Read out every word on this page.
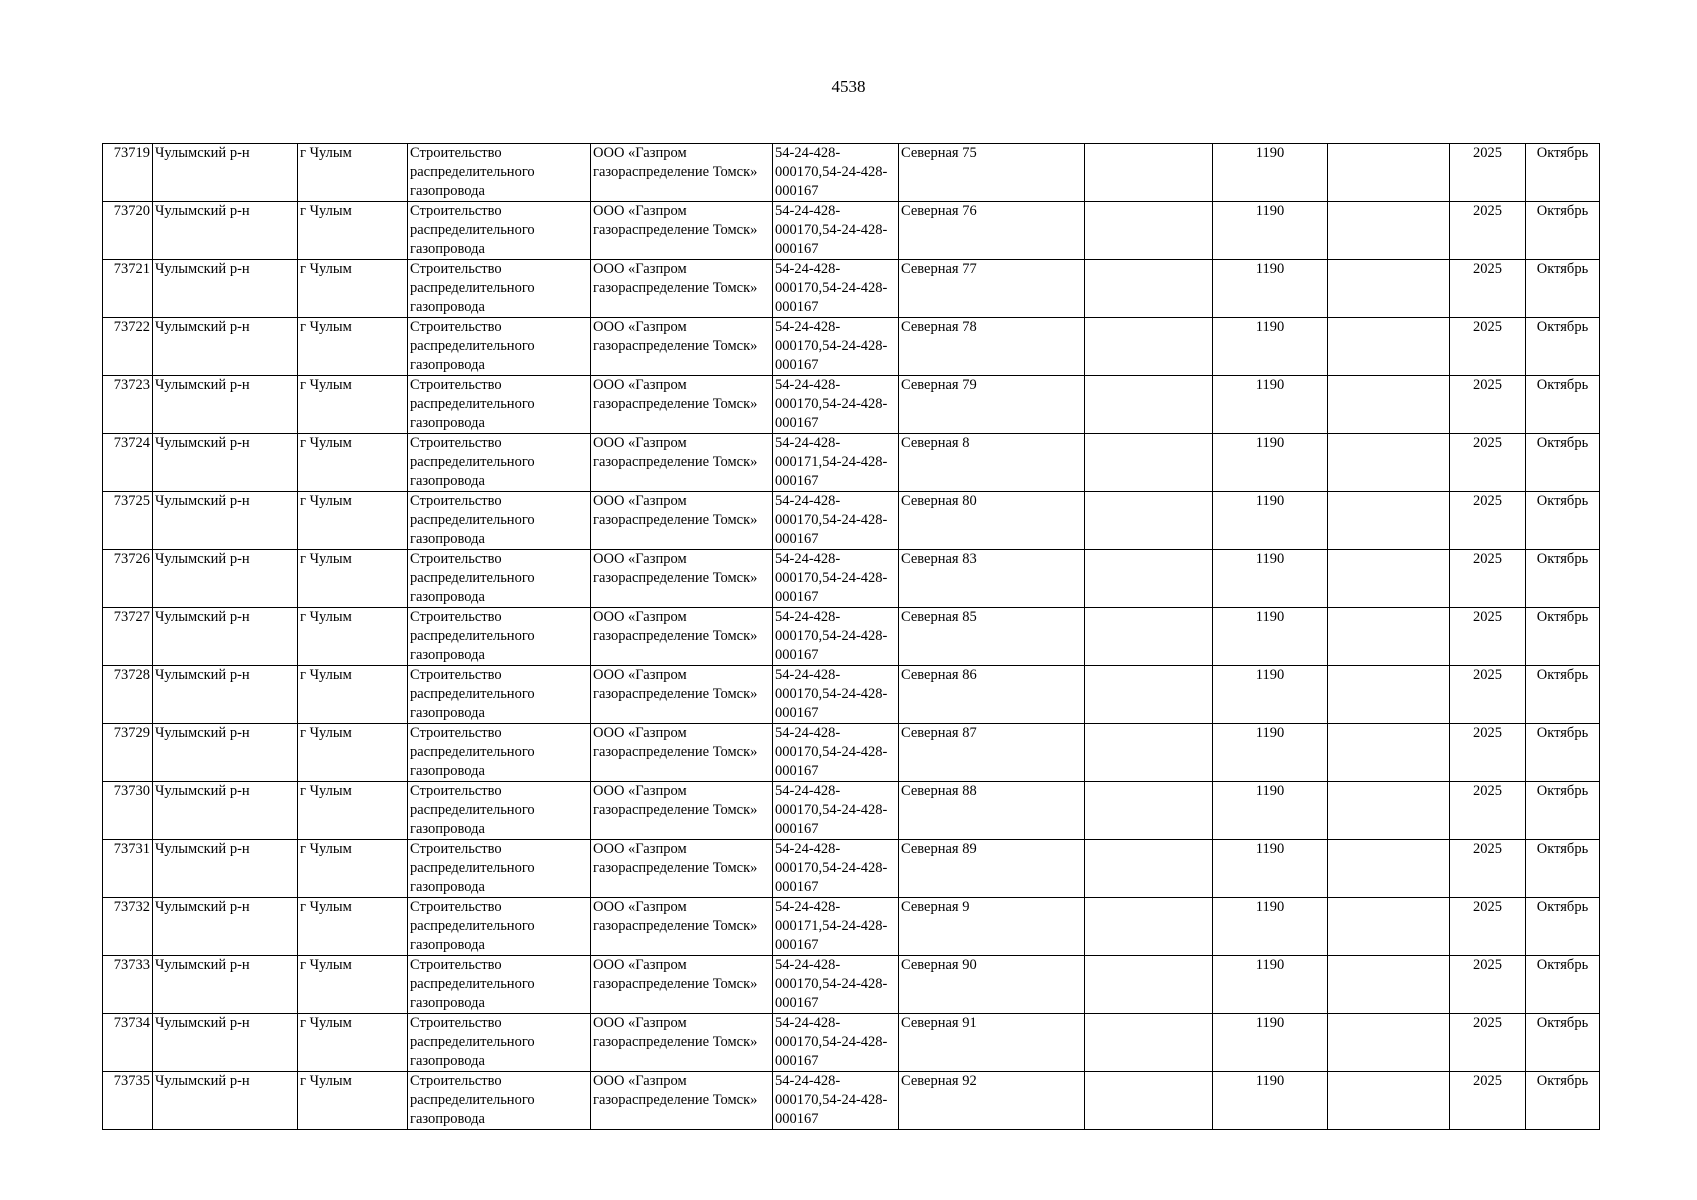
4538
73719	Чулымский р-н	г Чулым	Строительство
распределительного
газопровода	ООО «Газпром
газораспределение Томск»	54-24-428-
000170,54-24-428-
000167	Северная 75		1190		2025	Октябрь
73720	Чулымский р-н	г Чулым	Строительство
распределительного
газопровода	ООО «Газпром
газораспределение Томск»	54-24-428-
000170,54-24-428-
000167	Северная 76		1190		2025	Октябрь
73721	Чулымский р-н	г Чулым	Строительство
распределительного
газопровода	ООО «Газпром
газораспределение Томск»	54-24-428-
000170,54-24-428-
000167	Северная 77		1190		2025	Октябрь
73722	Чулымский р-н	г Чулым	Строительство
распределительного
газопровода	ООО «Газпром
газораспределение Томск»	54-24-428-
000170,54-24-428-
000167	Северная 78		1190		2025	Октябрь
73723	Чулымский р-н	г Чулым	Строительство
распределительного
газопровода	ООО «Газпром
газораспределение Томск»	54-24-428-
000170,54-24-428-
000167	Северная 79		1190		2025	Октябрь
73724	Чулымский р-н	г Чулым	Строительство
распределительного
газопровода	ООО «Газпром
газораспределение Томск»	54-24-428-
000171,54-24-428-
000167	Северная 8		1190		2025	Октябрь
73725	Чулымский р-н	г Чулым	Строительство
распределительного
газопровода	ООО «Газпром
газораспределение Томск»	54-24-428-
000170,54-24-428-
000167	Северная 80		1190		2025	Октябрь
73726	Чулымский р-н	г Чулым	Строительство
распределительного
газопровода	ООО «Газпром
газораспределение Томск»	54-24-428-
000170,54-24-428-
000167	Северная 83		1190		2025	Октябрь
73727	Чулымский р-н	г Чулым	Строительство
распределительного
газопровода	ООО «Газпром
газораспределение Томск»	54-24-428-
000170,54-24-428-
000167	Северная 85		1190		2025	Октябрь
73728	Чулымский р-н	г Чулым	Строительство
распределительного
газопровода	ООО «Газпром
газораспределение Томск»	54-24-428-
000170,54-24-428-
000167	Северная 86		1190		2025	Октябрь
73729	Чулымский р-н	г Чулым	Строительство
распределительного
газопровода	ООО «Газпром
газораспределение Томск»	54-24-428-
000170,54-24-428-
000167	Северная 87		1190		2025	Октябрь
73730	Чулымский р-н	г Чулым	Строительство
распределительного
газопровода	ООО «Газпром
газораспределение Томск»	54-24-428-
000170,54-24-428-
000167	Северная 88		1190		2025	Октябрь
73731	Чулымский р-н	г Чулым	Строительство
распределительного
газопровода	ООО «Газпром
газораспределение Томск»	54-24-428-
000170,54-24-428-
000167	Северная 89		1190		2025	Октябрь
73732	Чулымский р-н	г Чулым	Строительство
распределительного
газопровода	ООО «Газпром
газораспределение Томск»	54-24-428-
000171,54-24-428-
000167	Северная 9		1190		2025	Октябрь
73733	Чулымский р-н	г Чулым	Строительство
распределительного
газопровода	ООО «Газпром
газораспределение Томск»	54-24-428-
000170,54-24-428-
000167	Северная 90		1190		2025	Октябрь
73734	Чулымский р-н	г Чулым	Строительство
распределительного
газопровода	ООО «Газпром
газораспределение Томск»	54-24-428-
000170,54-24-428-
000167	Северная 91		1190		2025	Октябрь
73735	Чулымский р-н	г Чулым	Строительство
распределительного
газопровода	ООО «Газпром
газораспределение Томск»	54-24-428-
000170,54-24-428-
000167	Северная 92		1190		2025	Октябрь
